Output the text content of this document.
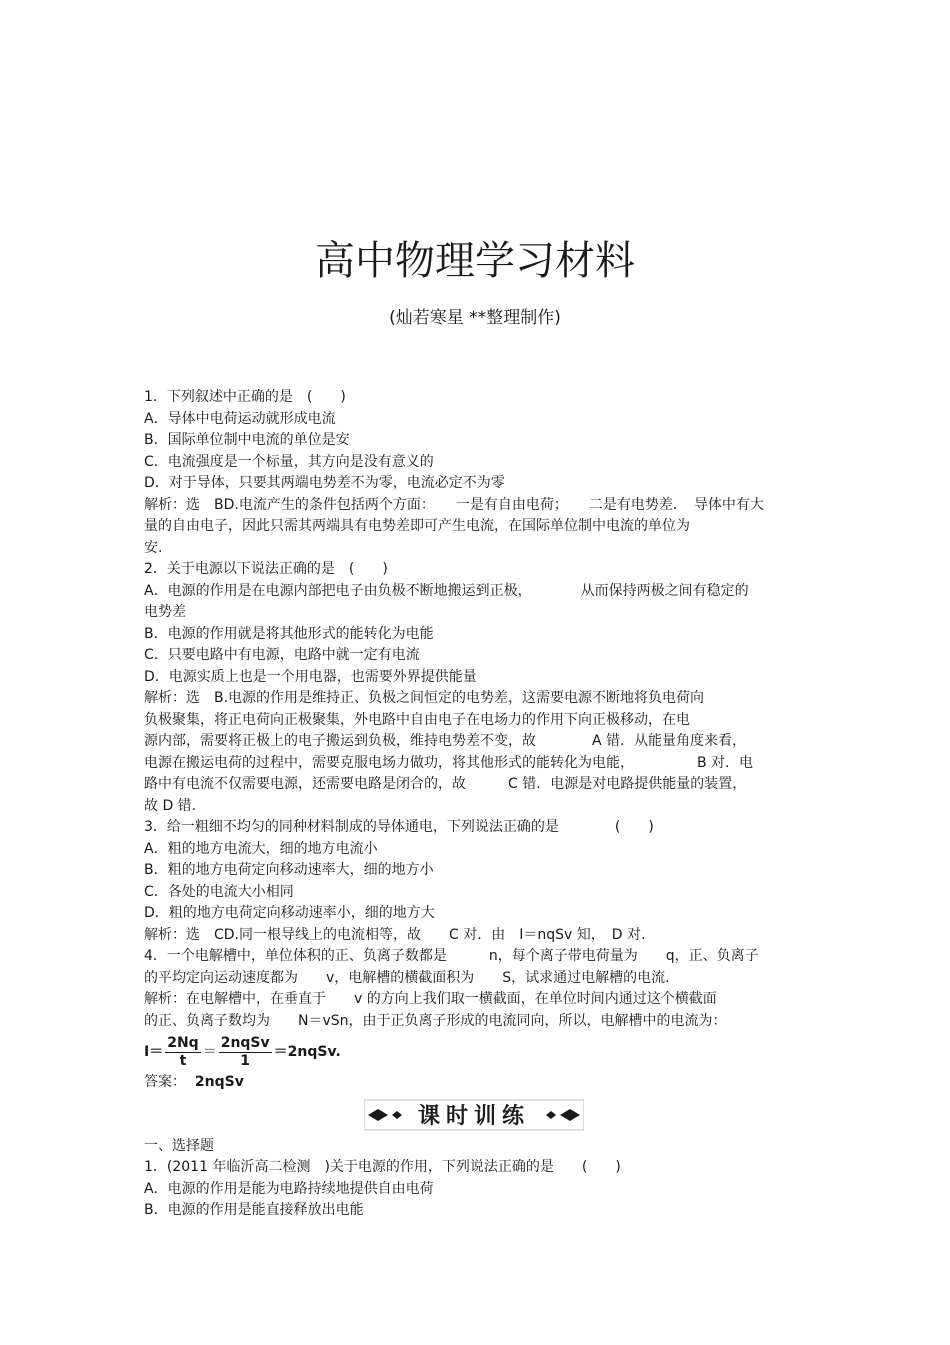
高中物理学习材料
(灿若寒星 **整理制作)
1．下列叙述中正确的是　(　　)
A．导体中电荷运动就形成电流
B．国际单位制中电流的单位是安
C．电流强度是一个标量，其方向是没有意义的
D．对于导体，只要其两端电势差不为零，电流必定不为零
解析：选　BD.电流产生的条件包括两个方面：　　一是有自由电荷；　　二是有电势差．　导体中有大
量的自由电子，因此只需其两端具有电势差即可产生电流，在国际单位制中电流的单位为
安.
2．关于电源以下说法正确的是　(　　)
A．电源的作用是在电源内部把电子由负极不断地搬运到正极，　　　　从而保持两极之间有稳定的
电势差
B．电源的作用就是将其他形式的能转化为电能
C．只要电路中有电源，电路中就一定有电流
D．电源实质上也是一个用电器，也需要外界提供能量
解析：选　B.电源的作用是维持正、负极之间恒定的电势差，这需要电源不断地将负电荷向
负极聚集，将正电荷向正极聚集，外电路中自由电子在电场力的作用下向正极移动，在电
源内部，需要将正极上的电子搬运到负极，维持电势差不变，故　　　　A 错．从能量角度来看，
电源在搬运电荷的过程中，需要克服电场力做功，将其他形式的能转化为电能，　　　　　B 对．电
路中有电流不仅需要电源，还需要电路是闭合的，故　　　C 错．电源是对电路提供能量的装置，
故 D 错.
3．给一粗细不均匀的同种材料制成的导体通电，下列说法正确的是　　　　(　　)
A．粗的地方电流大，细的地方电流小
B．粗的地方电荷定向移动速率大，细的地方小
C．各处的电流大小相同
D．粗的地方电荷定向移动速率小，细的地方大
解析：选　CD.同一根导线上的电流相等，故　　C 对．由　I＝nqSv 知，　D 对.
4．一个电解槽中，单位体积的正、负离子数都是　　　n，每个离子带电荷量为　　q，正、负离子
的平均定向运动速度都为　　v，电解槽的横截面积为　　S，试求通过电解槽的电流.
解析：在电解槽中，在垂直于　　v 的方向上我们取一横截面，在单位时间内通过这个横截面
的正、负离子数均为　　N＝vSn，由于正负离子形成的电流同向，所以，电解槽中的电流为：
$I= \frac{2Nq}{t} = \frac{\text{2nqSv}}{1}$ ＝2nqSv.
答案： 2nqSv
课时训练
一、选择题
1．(2011 年临沂高二检测　)关于电源的作用，下列说法正确的是　　(　　)
A．电源的作用是能为电路持续地提供自由电荷
B．电源的作用是能直接释放出电能
